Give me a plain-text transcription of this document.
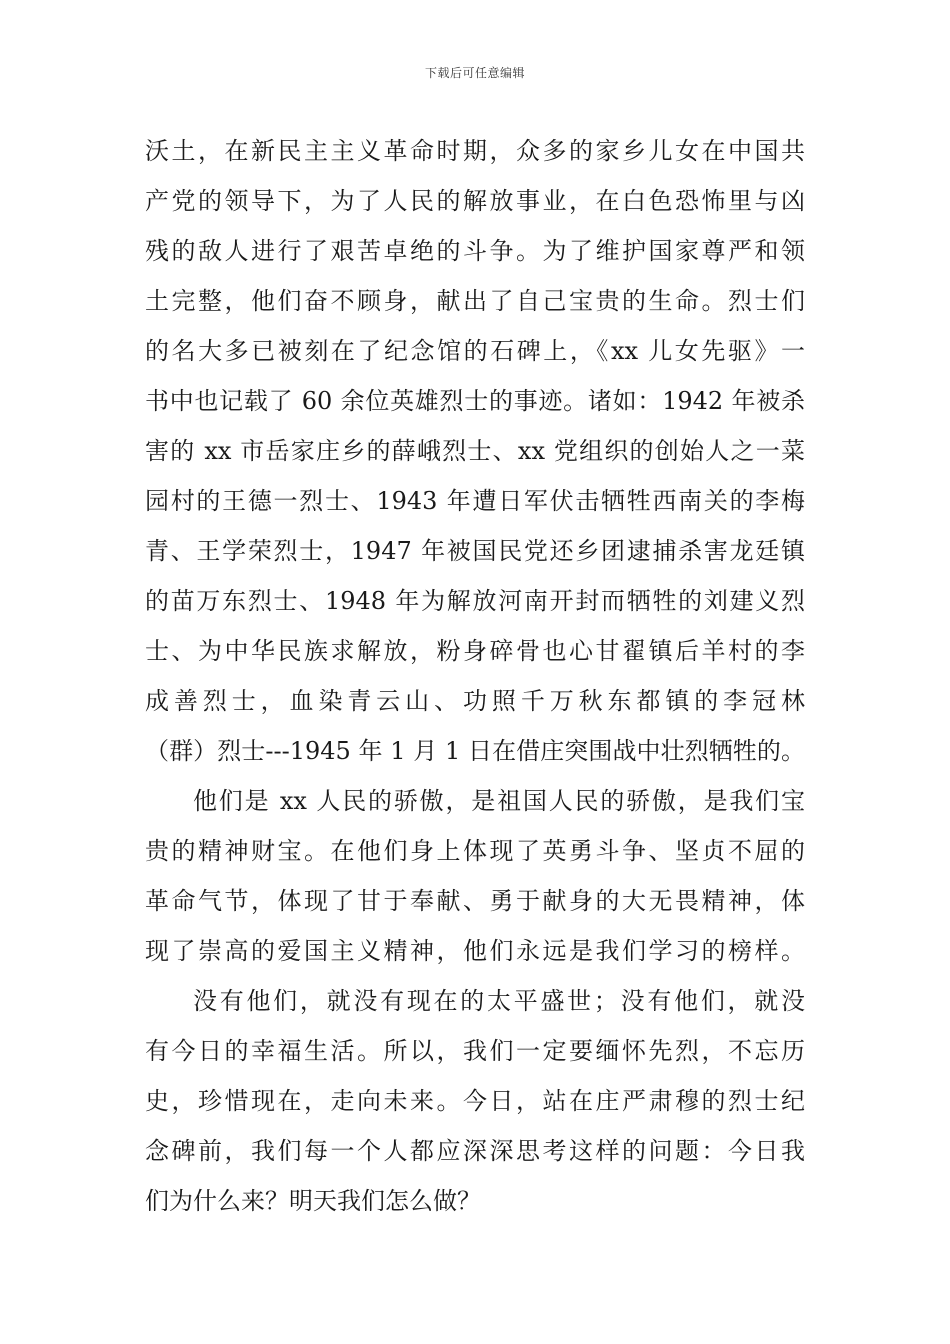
下载后可任意编辑
沃土，在新民主主义革命时期，众多的家乡儿女在中国共
产党的领导下，为了人民的解放事业，在白色恐怖里与凶
残的敌人进行了艰苦卓绝的斗争。为了维护国家尊严和领
土完整，他们奋不顾身，献出了自己宝贵的生命。烈士们
的名大多已被刻在了纪念馆的石碑上，《xx 儿女先驱》一
书中也记载了 60 余位英雄烈士的事迹。诸如：1942 年被杀
害的 xx 市岳家庄乡的薛峨烈士、xx 党组织的创始人之一菜
园村的王德一烈士、1943 年遭日军伏击牺牲西南关的李梅
青、王学荣烈士，1947 年被国民党还乡团逮捕杀害龙廷镇
的苗万东烈士、1948 年为解放河南开封而牺牲的刘建义烈
士、为中华民族求解放，粉身碎骨也心甘翟镇后羊村的李
成善烈士，血染青云山、功照千万秋东都镇的李冠林
（群）烈士---1945 年 1 月 1 日在借庄突围战中壮烈牺牲的。
他们是 xx 人民的骄傲，是祖国人民的骄傲，是我们宝
贵的精神财宝。在他们身上体现了英勇斗争、坚贞不屈的
革命气节，体现了甘于奉献、勇于献身的大无畏精神，体
现了崇高的爱国主义精神，他们永远是我们学习的榜样。
没有他们，就没有现在的太平盛世；没有他们，就没
有今日的幸福生活。所以，我们一定要缅怀先烈，不忘历
史，珍惜现在，走向未来。今日，站在庄严肃穆的烈士纪
念碑前，我们每一个人都应深深思考这样的问题：今日我
们为什么来？明天我们怎么做？
